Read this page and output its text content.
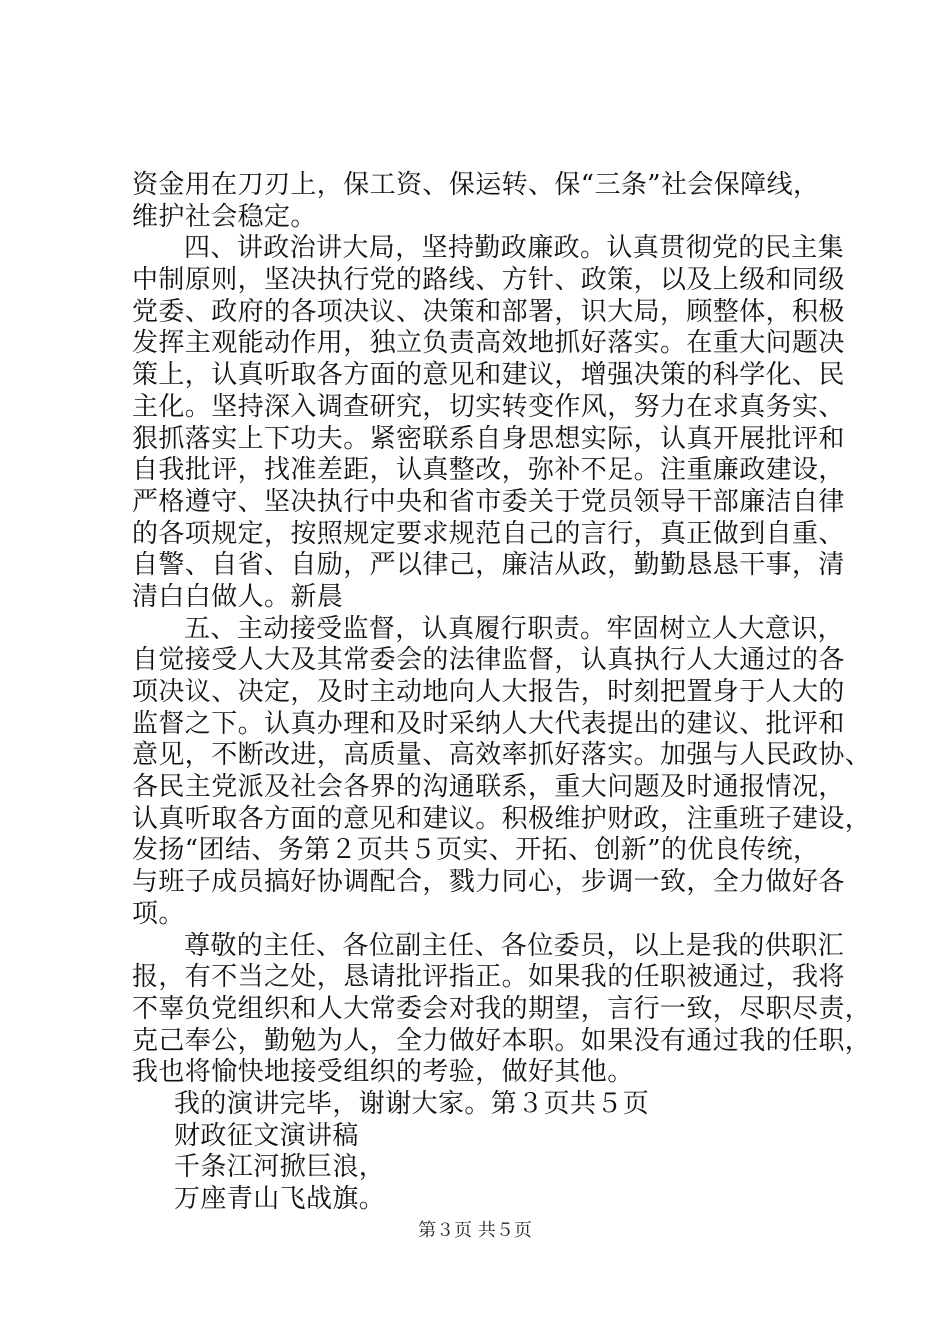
资金用在刀刃上，保工资、保运转、保“三条”社会保障线，
维护社会稳定。
四、讲政治讲大局，坚持勤政廉政。认真贯彻党的民主集
中制原则，坚决执行党的路线、方针、政策，以及上级和同级
党委、政府的各项决议、决策和部署，识大局，顾整体，积极
发挥主观能动作用，独立负责高效地抓好落实。在重大问题决
策上，认真听取各方面的意见和建议，增强决策的科学化、民
主化。坚持深入调查研究，切实转变作风，努力在求真务实、
狠抓落实上下功夫。紧密联系自身思想实际，认真开展批评和
自我批评，找准差距，认真整改，弥补不足。注重廉政建设，
严格遵守、坚决执行中央和省市委关于党员领导干部廉洁自律
的各项规定，按照规定要求规范自己的言行，真正做到自重、
自警、自省、自励，严以律己，廉洁从政，勤勤恳恳干事，清
清白白做人。新晨
五、主动接受监督，认真履行职责。牢固树立人大意识，
自觉接受人大及其常委会的法律监督，认真执行人大通过的各
项决议、决定，及时主动地向人大报告，时刻把置身于人大的
监督之下。认真办理和及时采纳人大代表提出的建议、批评和
意见，不断改进，高质量、高效率抓好落实。加强与人民政协、
各民主党派及社会各界的沟通联系，重大问题及时通报情况，
认真听取各方面的意见和建议。积极维护财政，注重班子建设，
发扬“团结、务第２页共５页实、开拓、创新”的优良传统，
与班子成员搞好协调配合，戮力同心，步调一致，全力做好各
项。
尊敬的主任、各位副主任、各位委员，以上是我的供职汇
报，有不当之处，恳请批评指正。如果我的任职被通过，我将
不辜负党组织和人大常委会对我的期望，言行一致，尽职尽责，
克己奉公，勤勉为人，全力做好本职。如果没有通过我的任职，
我也将愉快地接受组织的考验，做好其他。
我的演讲完毕，谢谢大家。第３页共５页
财政征文演讲稿
千条江河掀巨浪，
万座青山飞战旗。
第３页 共５页
